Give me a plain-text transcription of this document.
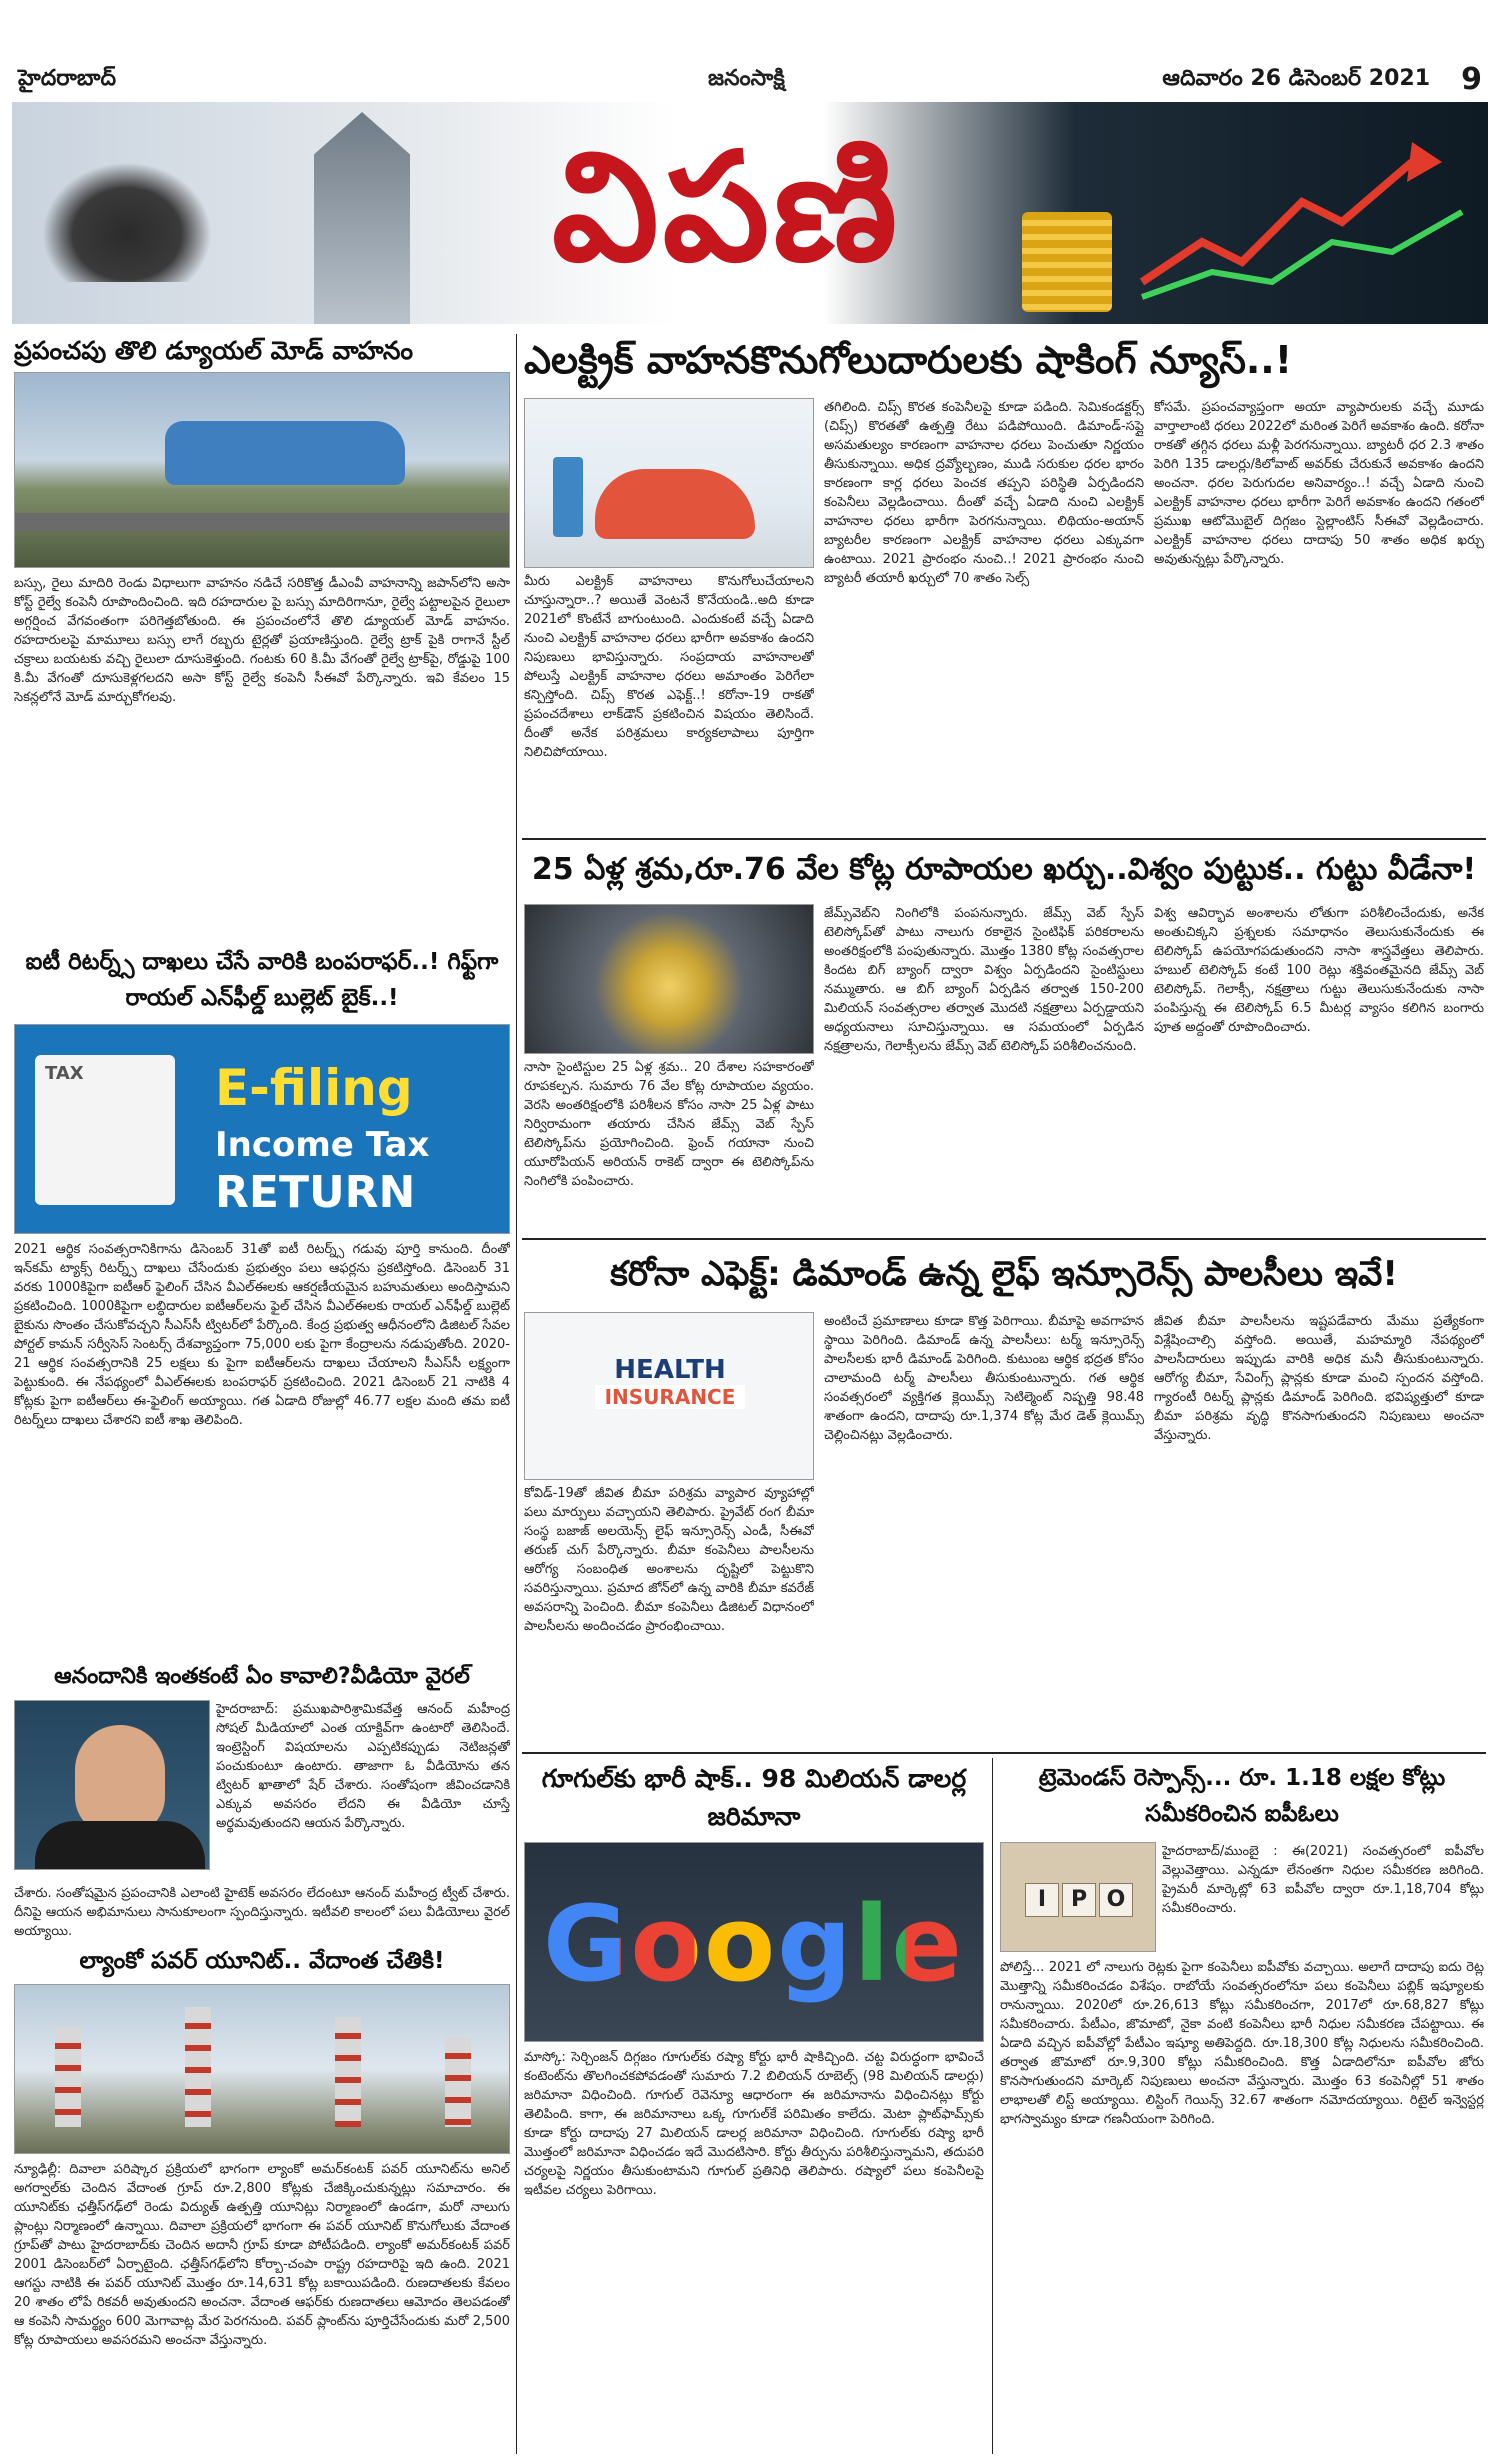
హైదరాబాద్	జనంసాక్షి	ఆదివారం 26 డిసెంబర్ 2021 9
విపణి
ప్రపంచపు తొలి డ్యూయల్ మోడ్ వాహనం
బస్సు, రైలు మాదిరి రెండు విధాలుగా వాహనం నడిచే సరికొత్త డీఎంవీ వాహనాన్ని జపాన్‌లోని అసా కోస్ట్ రైల్వే కంపెనీ రూపొందించింది. ఇది రహదారుల పై బస్సు మాదిరిగానూ, రైల్వే పట్టాలపైన రైలులా అగ్గర్షించ వేగవంతంగా పరిగెత్తబోతుంది. ఈ ప్రపంచంలోనే తొలి డ్యూయల్ మోడ్ వాహనం. రహదారులపై మామూలు బస్సు లాగే రబ్బరు టైర్లతో ప్రయాణిస్తుంది. రైల్వే ట్రాక్ పైకి రాగానే స్టీల్ చక్రాలు బయటకు వచ్చి రైలులా దూసుకెళ్తుంది. గంటకు 60 కి.మీ వేగంతో రైల్వే ట్రాక్‌పై, రోడ్డుపై 100 కి.మీ వేగంతో దూసుకెళ్లగలదని అసా కోస్ట్ రైల్వే కంపెనీ సీఈవో పేర్కొన్నారు. ఇవి కేవలం 15 సెకన్లలోనే మోడ్ మార్చుకోగలవు.
ఐటీ రిటర్న్స్ దాఖలు చేసే వారికి బంపరాఫర్..! గిఫ్ట్‌గా రాయల్ ఎన్‌ఫీల్డ్ బుల్లెట్ బైక్..!
TAX	E-filing
Income Tax
RETURN
2021 ఆర్థిక సంవత్సరానికిగాను డిసెంబర్ 31తో ఐటీ రిటర్న్స్ గడువు పూర్తి కానుంది. దీంతో ఇన్‌కమ్ ట్యాక్స్ రిటర్న్స్ దాఖలు చేసేందుకు ప్రభుత్వం పలు ఆఫర్లను ప్రకటిస్తోంది. డిసెంబర్ 31 వరకు 1000కిపైగా ఐటీఆర్ ఫైలింగ్ చేసిన వీఎల్ఈలకు ఆకర్షణీయమైన బహుమతులు అందిస్తామని ప్రకటించింది. 1000కిపైగా లబ్ధిదారుల ఐటీఆర్‌లను ఫైల్ చేసిన వీఎల్ఈలకు రాయల్ ఎన్‌ఫీల్డ్ బుల్లెట్ బైకును సొంతం చేసుకోవచ్చని సీఎస్‌సీ ట్విటర్‌లో పేర్కొంది. కేంద్ర ప్రభుత్వ ఆధీనంలోని డిజిటల్ సేవల పోర్టల్ కామన్ సర్వీసెస్ సెంటర్స్ దేశవ్యాప్తంగా 75,000 లకు పైగా కేంద్రాలను నడుపుతోంది. 2020-21 ఆర్థిక సంవత్సరానికి 25 లక్షలు కు పైగా ఐటీఆర్‌లను దాఖలు చేయాలని సీఎస్‌సీ లక్ష్యంగా పెట్టుకుంది. ఈ నేపథ్యంలో వీఎల్ఈలకు బంపరాఫర్ ప్రకటించింది. 2021 డిసెంబర్ 21 నాటికి 4 కోట్లకు పైగా ఐటీఆర్‌లు ఈ-ఫైలింగ్ అయ్యాయి. గత ఏడాది రోజుల్లో 46.77 లక్షల మంది తమ ఐటీ రిటర్న్‌లు దాఖలు చేశారని ఐటీ శాఖ తెలిపింది.
ఆనందానికి ఇంతకంటే ఏం కావాలి?వీడియో వైరల్
హైదరాబాద్: ప్రముఖపారిశ్రామికవేత్త ఆనంద్ మహీంద్ర సోషల్ మీడియాలో ఎంత యాక్టివ్‌గా ఉంటారో తెలిసిందే. ఇంట్రెస్టింగ్ విషయాలను ఎప్పటికప్పుడు నెటిజన్లతో పంచుకుంటూ ఉంటారు. తాజాగా ఓ వీడియోను తన ట్విటర్ ఖాతాలో షేర్ చేశారు. సంతోషంగా జీవించడానికి ఎక్కువ అవసరం లేదని ఈ వీడియో చూస్తే అర్థమవుతుందని ఆయన పేర్కొన్నారు.
చేశారు. సంతోషమైన ప్రపంచానికి ఎలాంటి హైటెక్ అవసరం లేదంటూ ఆనంద్ మహీంద్ర ట్వీట్ చేశారు. దీనిపై ఆయన అభిమానులు సానుకూలంగా స్పందిస్తున్నారు. ఇటీవలి కాలంలో పలు వీడియోలు వైరల్ అయ్యాయి.
ల్యాంకో పవర్ యూనిట్.. వేదాంత చేతికి!
న్యూఢిల్లీ: దివాలా పరిష్కార ప్రక్రియలో భాగంగా ల్యాంకో అమర్‌కంటక్ పవర్ యూనిట్‌ను అనిల్ అగర్వాల్‌కు చెందిన వేదాంత గ్రూప్ రూ.2,800 కోట్లకు చేజిక్కించుకున్నట్లు సమాచారం. ఈ యూనిట్‌కు ఛత్తీస్‌గఢ్‌లో రెండు విద్యుత్ ఉత్పత్తి యూనిట్లు నిర్మాణంలో ఉండగా, మరో నాలుగు ప్లాంట్లు నిర్మాణంలో ఉన్నాయి. దివాలా ప్రక్రియలో భాగంగా ఈ పవర్ యూనిట్ కొనుగోలుకు వేదాంత గ్రూప్‌తో పాటు హైదరాబాద్‌కు చెందిన అదానీ గ్రూప్ కూడా పోటీపడింది. ల్యాంకో అమర్‌కంటక్ పవర్ 2001 డిసెంబర్‌లో ఏర్పాటైంది. ఛత్తీస్‌గఢ్‌లోని కోర్బా-చంపా రాష్ట్ర రహదారిపై ఇది ఉంది. 2021 ఆగస్టు నాటికి ఈ పవర్ యూనిట్ మొత్తం రూ.14,631 కోట్ల బకాయిపడింది. రుణదాతలకు కేవలం 20 శాతం లోపే రికవరీ అవుతుందని అంచనా. వేదాంత ఆఫర్‌కు రుణదాతలు ఆమోదం తెలపడంతో ఆ కంపెనీ సామర్థ్యం 600 మెగావాట్ల మేర పెరగనుంది. పవర్ ప్లాంట్‌ను పూర్తిచేసేందుకు మరో 2,500 కోట్ల రూపాయలు అవసరమని అంచనా వేస్తున్నారు.
ఎలక్ట్రిక్ వాహనకొనుగోలుదారులకు షాకింగ్ న్యూస్..!
మీరు ఎలక్ట్రిక్ వాహనాలు కొనుగోలుచేయాలని చూస్తున్నారా..? అయితే వెంటనే కొనేయండి..అది కూడా 2021లో కొంటేనే బాగుంటుంది. ఎందుకంటే వచ్చే ఏడాది నుంచి ఎలక్ట్రిక్ వాహనాల ధరలు భారీగా అవకాశం ఉందని నిపుణులు భావిస్తున్నారు. సంప్రదాయ వాహనాలతో పోలుస్తే ఎలక్ట్రిక్ వాహనాల ధరలు అమాంతం పెరిగేలా కన్పిస్తోంది. చిప్స్ కొరత ఎఫెక్ట్..! కరోనా-19 రాకతో ప్రపంచదేశాలు లాక్‌డౌన్ ప్రకటించిన విషయం తెలిసిందే. దీంతో అనేక పరిశ్రమలు కార్యకలాపాలు పూర్తిగా నిలిచిపోయాయి.
తగిలింది. చిప్స్ కొరత కంపెనీలపై కూడా పడింది. సెమికండక్టర్స్ (చిప్స్) కొరతతో ఉత్పత్తి రేటు పడిపోయింది. డిమాండ్-సప్లై అసమతుల్యం కారణంగా వాహనాల ధరలు పెంచుతూ నిర్ణయం తీసుకున్నాయి. అధిక ద్రవ్యోల్బణం, ముడి సరుకుల ధరల భారం కారణంగా కార్ల ధరలు పెంచక తప్పని పరిస్థితి ఏర్పడిందని కంపెనీలు వెల్లడించాయి. దీంతో వచ్చే ఏడాది నుంచి ఎలక్ట్రిక్ వాహనాల ధరలు భారీగా పెరగనున్నాయి. లిథియం-అయాన్ బ్యాటరీల కారణంగా ఎలక్ట్రిక్ వాహనాల ధరలు ఎక్కువగా ఉంటాయి. 2021 ప్రారంభం నుంచి..! 2021 ప్రారంభం నుంచి బ్యాటరీ తయారీ ఖర్చులో 70 శాతం సెల్స్
కోసమే. ప్రపంచవ్యాప్తంగా అయా వ్యాపారులకు వచ్చే మూడు వార్తాలాంటి ధరలు 2022లో మరింత పెరిగే అవకాశం ఉంది. కరోనా రాకతో తగ్గిన ధరలు మళ్లీ పెరగనున్నాయి. బ్యాటరీ ధర 2.3 శాతం పెరిగి 135 డాలర్లు/కిలోవాట్ అవర్‌కు చేరుకునే అవకాశం ఉందని అంచనా. ధరల పెరుగుదల అనివార్యం..! వచ్చే ఏడాది నుంచి ఎలక్ట్రిక్ వాహనాల ధరలు భారీగా పెరిగే అవకాశం ఉందని గతంలో ప్రముఖ ఆటోమొబైల్ దిగ్గజం స్టెల్లాంటిస్ సీఈవో వెల్లడించారు. ఎలక్ట్రిక్ వాహనాల ధరలు దాదాపు 50 శాతం అధిక ఖర్చు అవుతున్నట్లు పేర్కొన్నారు.
25 ఏళ్ల శ్రమ,రూ.76 వేల కోట్ల రూపాయల ఖర్చు..విశ్వం పుట్టుక.. గుట్టు వీడేనా!
నాసా సైంటిస్టుల 25 ఏళ్ల శ్రమ.. 20 దేశాల సహకారంతో రూపకల్పన. సుమారు 76 వేల కోట్ల రూపాయల వ్యయం. వెరసి అంతరిక్షంలోకి పరిశీలన కోసం నాసా 25 ఏళ్ల పాటు నిర్విరామంగా తయారు చేసిన జేమ్స్ వెబ్ స్పేస్ టెలిస్కోప్‌ను ప్రయోగించింది. ఫ్రెంచ్ గయానా నుంచి యూరోపియన్ అరియన్ రాకెట్ ద్వారా ఈ టెలిస్కోప్‌ను నింగిలోకి పంపించారు.
జేమ్స్‌వెబ్‌ని నింగిలోకి పంపనున్నారు. జేమ్స్ వెబ్ స్పేస్ టెలిస్కోప్‌తో పాటు నాలుగు రకాలైన సైంటిఫిక్ పరికరాలను అంతరిక్షంలోకి పంపుతున్నారు. మొత్తం 1380 కోట్ల సంవత్సరాల కిందట బిగ్ బ్యాంగ్ ద్వారా విశ్వం ఏర్పడిందని సైంటిస్టులు నమ్ముతారు. ఆ బిగ్ బ్యాంగ్ ఏర్పడిన తర్వాత 150-200 మిలియన్ సంవత్సరాల తర్వాత మొదటి నక్షత్రాలు ఏర్పడ్డాయని అధ్యయనాలు సూచిస్తున్నాయి. ఆ సమయంలో ఏర్పడిన నక్షత్రాలను, గెలాక్సీలను జేమ్స్ వెబ్ టెలిస్కోప్ పరిశీలించనుంది.
విశ్వ ఆవిర్భావ అంశాలను లోతుగా పరిశీలించేందుకు, అనేక అంతుచిక్కని ప్రశ్నలకు సమాధానం తెలుసుకునేందుకు ఈ టెలిస్కోప్ ఉపయోగపడుతుందని నాసా శాస్త్రవేత్తలు తెలిపారు. హబుల్ టెలిస్కోప్ కంటే 100 రెట్లు శక్తివంతమైనది జేమ్స్ వెబ్ టెలిస్కోప్. గెలాక్సీ, నక్షత్రాలు గుట్టు తెలుసుకునేందుకు నాసా పంపిస్తున్న ఈ టెలిస్కోప్ 6.5 మీటర్ల వ్యాసం కలిగిన బంగారు పూత అద్దంతో రూపొందించారు.
కరోనా ఎఫెక్ట్: డిమాండ్ ఉన్న లైఫ్ ఇన్సూరెన్స్ పాలసీలు ఇవే!
HEALTH
INSURANCE
కోవిడ్-19తో జీవిత బీమా పరిశ్రమ వ్యాపార వ్యూహాల్లో పలు మార్పులు వచ్చాయని తెలిపారు. ప్రైవేట్ రంగ బీమా సంస్థ బజాజ్ అలయెన్స్ లైఫ్ ఇన్సూరెన్స్ ఎండీ, సీఈవో తరుణ్ చుగ్ పేర్కొన్నారు. బీమా కంపెనీలు పాలసీలను ఆరోగ్య సంబంధిత అంశాలను దృష్టిలో పెట్టుకొని సవరిస్తున్నాయి. ప్రమాద జోన్‌లో ఉన్న వారికి బీమా కవరేజ్ అవసరాన్ని పెంచింది. బీమా కంపెనీలు డిజిటల్ విధానంలో పాలసీలను అందించడం ప్రారంభించాయి.
అంటించే ప్రమాణాలు కూడా కొత్త పెరిగాయి. బీమాపై అవగాహన స్థాయి పెరిగింది. డిమాండ్ ఉన్న పాలసీలు: టర్మ్ ఇన్సూరెన్స్ పాలసీలకు భారీ డిమాండ్ పెరిగింది. కుటుంబ ఆర్థిక భద్రత కోసం చాలామంది టర్మ్ పాలసీలు తీసుకుంటున్నారు. గత ఆర్థిక సంవత్సరంలో వ్యక్తిగత క్లెయిమ్స్ సెటిల్మెంట్ నిష్పత్తి 98.48 శాతంగా ఉందని, దాదాపు రూ.1,374 కోట్ల మేర డెత్ క్లెయిమ్స్ చెల్లించినట్లు వెల్లడించారు.
జీవిత బీమా పాలసీలను ఇష్టపడేవారు మేము ప్రత్యేకంగా విశ్లేషించాల్సి వస్తోంది. అయితే, మహమ్మారి నేపథ్యంలో పాలసీదారులు ఇప్పుడు వారికి అధిక మనీ తీసుకుంటున్నారు. ఆరోగ్య బీమా, సేవింగ్స్ ప్లాన్లకు కూడా మంచి స్పందన వస్తోంది. గ్యారంటీ రిటర్న్ ప్లాన్లకు డిమాండ్ పెరిగింది. భవిష్యత్తులో కూడా బీమా పరిశ్రమ వృద్ధి కొనసాగుతుందని నిపుణులు అంచనా వేస్తున్నారు.
గూగుల్‌కు భారీ షాక్.. 98 మిలియన్ డాలర్ల జరిమానా
Google
మాస్కో: సెర్చింజన్ దిగ్గజం గూగుల్‌కు రష్యా కోర్టు భారీ షాకిచ్చింది. చట్ట విరుద్ధంగా భావించే కంటెంట్‌ను తొలగించకపోవడంతో సుమారు 7.2 బిలియన్ రూబెల్స్ (98 మిలియన్ డాలర్లు) జరిమానా విధించింది. గూగుల్ రెవెన్యూ ఆధారంగా ఈ జరిమానాను విధించినట్లు కోర్టు తెలిపింది. కాగా, ఈ జరిమానాలు ఒక్క గూగుల్‌కే పరిమితం కాలేదు. మెటా ప్లాట్‌ఫామ్స్‌కు కూడా కోర్టు దాదాపు 27 మిలియన్ డాలర్ల జరిమానా విధించింది. గూగుల్‌కు రష్యా భారీ మొత్తంలో జరిమానా విధించడం ఇదే మొదటిసారి. కోర్టు తీర్పును పరిశీలిస్తున్నామని, తదుపరి చర్యలపై నిర్ణయం తీసుకుంటామని గూగుల్ ప్రతినిధి తెలిపారు. రష్యాలో పలు కంపెనీలపై ఇటీవల చర్యలు పెరిగాయి.
ట్రెమెండస్ రెస్పాన్స్... రూ. 1.18 లక్షల కోట్లు సమీకరించిన ఐపీఓలు
I	P O
హైదరాబాద్/ముంబై : ఈ(2021) సంవత్సరంలో ఐపీవోల వెల్లువెత్తాయి. ఎన్నడూ లేనంతగా నిధుల సమీకరణ జరిగింది. ప్రైమరీ మార్కెట్లో 63 ఐపీవోల ద్వారా రూ.1,18,704 కోట్లు సమీకరించారు.
పోలిస్తే... 2021 లో నాలుగు రెట్లకు పైగా కంపెనీలు ఐపీవోకు వచ్చాయి. అలాగే దాదాపు ఐదు రెట్ల మొత్తాన్ని సమీకరించడం విశేషం. రాబోయే సంవత్సరంలోనూ పలు కంపెనీలు పబ్లిక్ ఇష్యూలకు రానున్నాయి. 2020లో రూ.26,613 కోట్లు సమీకరించగా, 2017లో రూ.68,827 కోట్లు సమీకరించారు. పేటీఎం, జొమాటో, నైకా వంటి కంపెనీలు భారీ నిధుల సమీకరణ చేపట్టాయి. ఈ ఏడాది వచ్చిన ఐపీవోల్లో పేటీఎం ఇష్యూ అతిపెద్దది. రూ.18,300 కోట్ల నిధులను సమీకరించింది. తర్వాత జొమాటో రూ.9,300 కోట్లు సమీకరించింది. కొత్త ఏడాదిలోనూ ఐపీవోల జోరు కొనసాగుతుందని మార్కెట్ నిపుణులు అంచనా వేస్తున్నారు. మొత్తం 63 కంపెనీల్లో 51 శాతం లాభాలతో లిస్ట్ అయ్యాయి. లిస్టింగ్ గెయిన్స్ 32.67 శాతంగా నమోదయ్యాయి. రిటైల్ ఇన్వెస్టర్ల భాగస్వామ్యం కూడా గణనీయంగా పెరిగింది.
